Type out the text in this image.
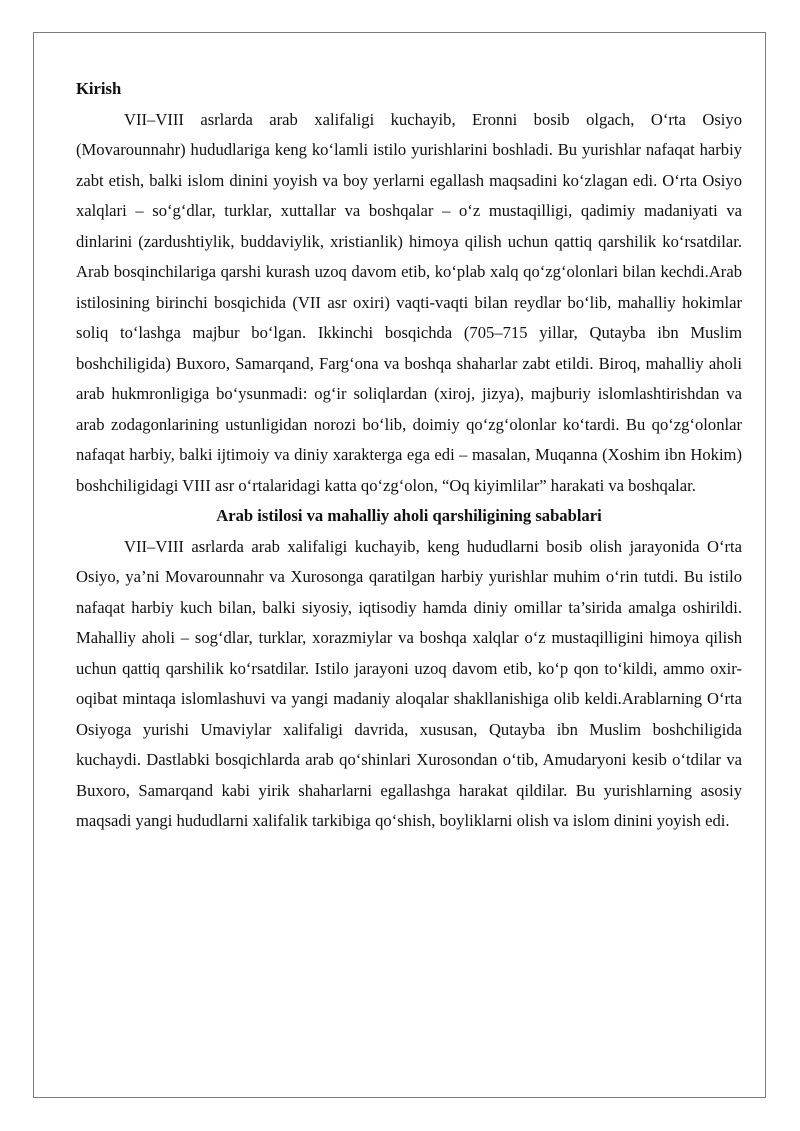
Kirish

VII–VIII asrlarda arab xalifaligi kuchayib, Eronni bosib olgach, O‘rta Osiyo (Movarounnahr) hududlariga keng ko‘lamli istilo yurishlarini boshladi. Bu yurishlar nafaqat harbiy zabt etish, balki islom dinini yoyish va boy yerlarni egallash maqsadini ko‘zlagan edi. O‘rta Osiyo xalqlari – so‘g‘dlar, turklar, xuttallar va boshqalar – o‘z mustaqilligi, qadimiy madaniyati va dinlarini (zardushtiylik, buddaviylik, xristianlik) himoya qilish uchun qattiq qarshilik ko‘rsatdilar. Arab bosqinchilariga qarshi kurash uzoq davom etib, ko‘plab xalq qo‘zg‘olonlari bilan kechdi.Arab istilosining birinchi bosqichida (VII asr oxiri) vaqti-vaqti bilan reydlar bo‘lib, mahalliy hokimlar soliq to‘lashga majbur bo‘lgan. Ikkinchi bosqichda (705–715 yillar, Qutayba ibn Muslim boshchiligida) Buxoro, Samarqand, Farg‘ona va boshqa shaharlar zabt etildi. Biroq, mahalliy aholi arab hukmronligiga bo‘ysunmadi: og‘ir soliqlardan (xiroj, jizya), majburiy islomlashtirishdan va arab zodagonlarining ustunligidan norozi bo‘lib, doimiy qo‘zg‘olonlar ko‘tardi. Bu qo‘zg‘olonlar nafaqat harbiy, balki ijtimoiy va diniy xarakterga ega edi – masalan, Muqanna (Xoshim ibn Hokim) boshchiligidagi VIII asr o‘rtalaridagi katta qo‘zg‘olon, “Oq kiyimlilar” harakati va boshqalar.

Arab istilosi va mahalliy aholi qarshiligining sabablari

VII–VIII asrlarda arab xalifaligi kuchayib, keng hududlarni bosib olish jarayonida O‘rta Osiyo, ya’ni Movarounnahr va Xurosonga qaratilgan harbiy yurishlar muhim o‘rin tutdi. Bu istilo nafaqat harbiy kuch bilan, balki siyosiy, iqtisodiy hamda diniy omillar ta’sirida amalga oshirildi. Mahalliy aholi – sog‘dlar, turklar, xorazmiylar va boshqa xalqlar o‘z mustaqilligini himoya qilish uchun qattiq qarshilik ko‘rsatdilar. Istilo jarayoni uzoq davom etib, ko‘p qon to‘kildi, ammo oxir-oqibat mintaqa islomlashuvi va yangi madaniy aloqalar shakllanishiga olib keldi.Arablarning O‘rta Osiyoga yurishi Umaviylar xalifaligi davrida, xususan, Qutayba ibn Muslim boshchiligida kuchaydi. Dastlabki bosqichlarda arab qo‘shinlari Xurosondan o‘tib, Amudaryoni kesib o‘tdilar va Buxoro, Samarqand kabi yirik shaharlarni egallashga harakat qildilar. Bu yurishlarning asosiy maqsadi yangi hududlarni xalifalik tarkibiga qo‘shish, boyliklarni olish va islom dinini yoyish edi.
